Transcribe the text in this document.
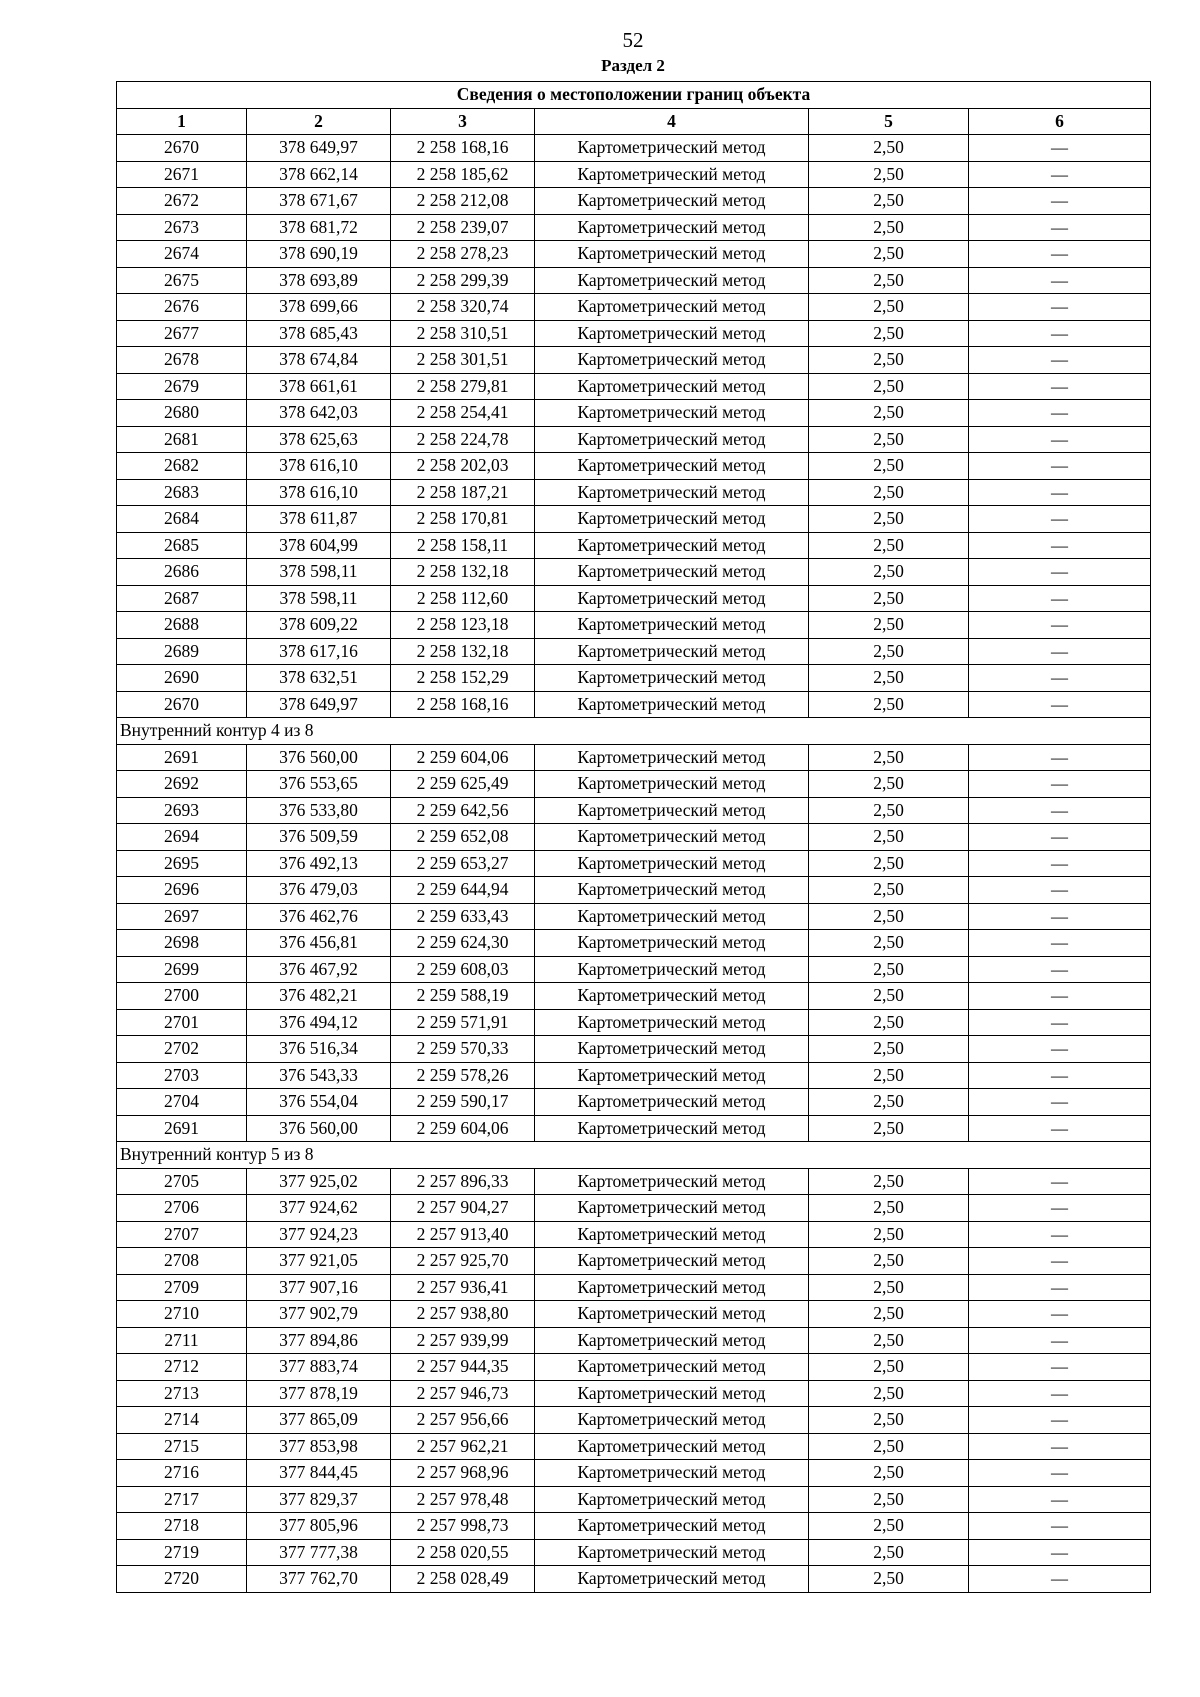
52
Раздел 2
Сведения о местоположении границ объекта					
1	2	3	4	5	6
2670	378 649,97	2 258 168,16	Картометрический метод	2,50	—
2671	378 662,14	2 258 185,62	Картометрический метод	2,50	—
2672	378 671,67	2 258 212,08	Картометрический метод	2,50	—
2673	378 681,72	2 258 239,07	Картометрический метод	2,50	—
2674	378 690,19	2 258 278,23	Картометрический метод	2,50	—
2675	378 693,89	2 258 299,39	Картометрический метод	2,50	—
2676	378 699,66	2 258 320,74	Картометрический метод	2,50	—
2677	378 685,43	2 258 310,51	Картометрический метод	2,50	—
2678	378 674,84	2 258 301,51	Картометрический метод	2,50	—
2679	378 661,61	2 258 279,81	Картометрический метод	2,50	—
2680	378 642,03	2 258 254,41	Картометрический метод	2,50	—
2681	378 625,63	2 258 224,78	Картометрический метод	2,50	—
2682	378 616,10	2 258 202,03	Картометрический метод	2,50	—
2683	378 616,10	2 258 187,21	Картометрический метод	2,50	—
2684	378 611,87	2 258 170,81	Картометрический метод	2,50	—
2685	378 604,99	2 258 158,11	Картометрический метод	2,50	—
2686	378 598,11	2 258 132,18	Картометрический метод	2,50	—
2687	378 598,11	2 258 112,60	Картометрический метод	2,50	—
2688	378 609,22	2 258 123,18	Картометрический метод	2,50	—
2689	378 617,16	2 258 132,18	Картометрический метод	2,50	—
2690	378 632,51	2 258 152,29	Картометрический метод	2,50	—
2670	378 649,97	2 258 168,16	Картометрический метод	2,50	—
Внутренний контур 4 из 8					
2691	376 560,00	2 259 604,06	Картометрический метод	2,50	—
2692	376 553,65	2 259 625,49	Картометрический метод	2,50	—
2693	376 533,80	2 259 642,56	Картометрический метод	2,50	—
2694	376 509,59	2 259 652,08	Картометрический метод	2,50	—
2695	376 492,13	2 259 653,27	Картометрический метод	2,50	—
2696	376 479,03	2 259 644,94	Картометрический метод	2,50	—
2697	376 462,76	2 259 633,43	Картометрический метод	2,50	—
2698	376 456,81	2 259 624,30	Картометрический метод	2,50	—
2699	376 467,92	2 259 608,03	Картометрический метод	2,50	—
2700	376 482,21	2 259 588,19	Картометрический метод	2,50	—
2701	376 494,12	2 259 571,91	Картометрический метод	2,50	—
2702	376 516,34	2 259 570,33	Картометрический метод	2,50	—
2703	376 543,33	2 259 578,26	Картометрический метод	2,50	—
2704	376 554,04	2 259 590,17	Картометрический метод	2,50	—
2691	376 560,00	2 259 604,06	Картометрический метод	2,50	—
Внутренний контур 5 из 8					
2705	377 925,02	2 257 896,33	Картометрический метод	2,50	—
2706	377 924,62	2 257 904,27	Картометрический метод	2,50	—
2707	377 924,23	2 257 913,40	Картометрический метод	2,50	—
2708	377 921,05	2 257 925,70	Картометрический метод	2,50	—
2709	377 907,16	2 257 936,41	Картометрический метод	2,50	—
2710	377 902,79	2 257 938,80	Картометрический метод	2,50	—
2711	377 894,86	2 257 939,99	Картометрический метод	2,50	—
2712	377 883,74	2 257 944,35	Картометрический метод	2,50	—
2713	377 878,19	2 257 946,73	Картометрический метод	2,50	—
2714	377 865,09	2 257 956,66	Картометрический метод	2,50	—
2715	377 853,98	2 257 962,21	Картометрический метод	2,50	—
2716	377 844,45	2 257 968,96	Картометрический метод	2,50	—
2717	377 829,37	2 257 978,48	Картометрический метод	2,50	—
2718	377 805,96	2 257 998,73	Картометрический метод	2,50	—
2719	377 777,38	2 258 020,55	Картометрический метод	2,50	—
2720	377 762,70	2 258 028,49	Картометрический метод	2,50	—
